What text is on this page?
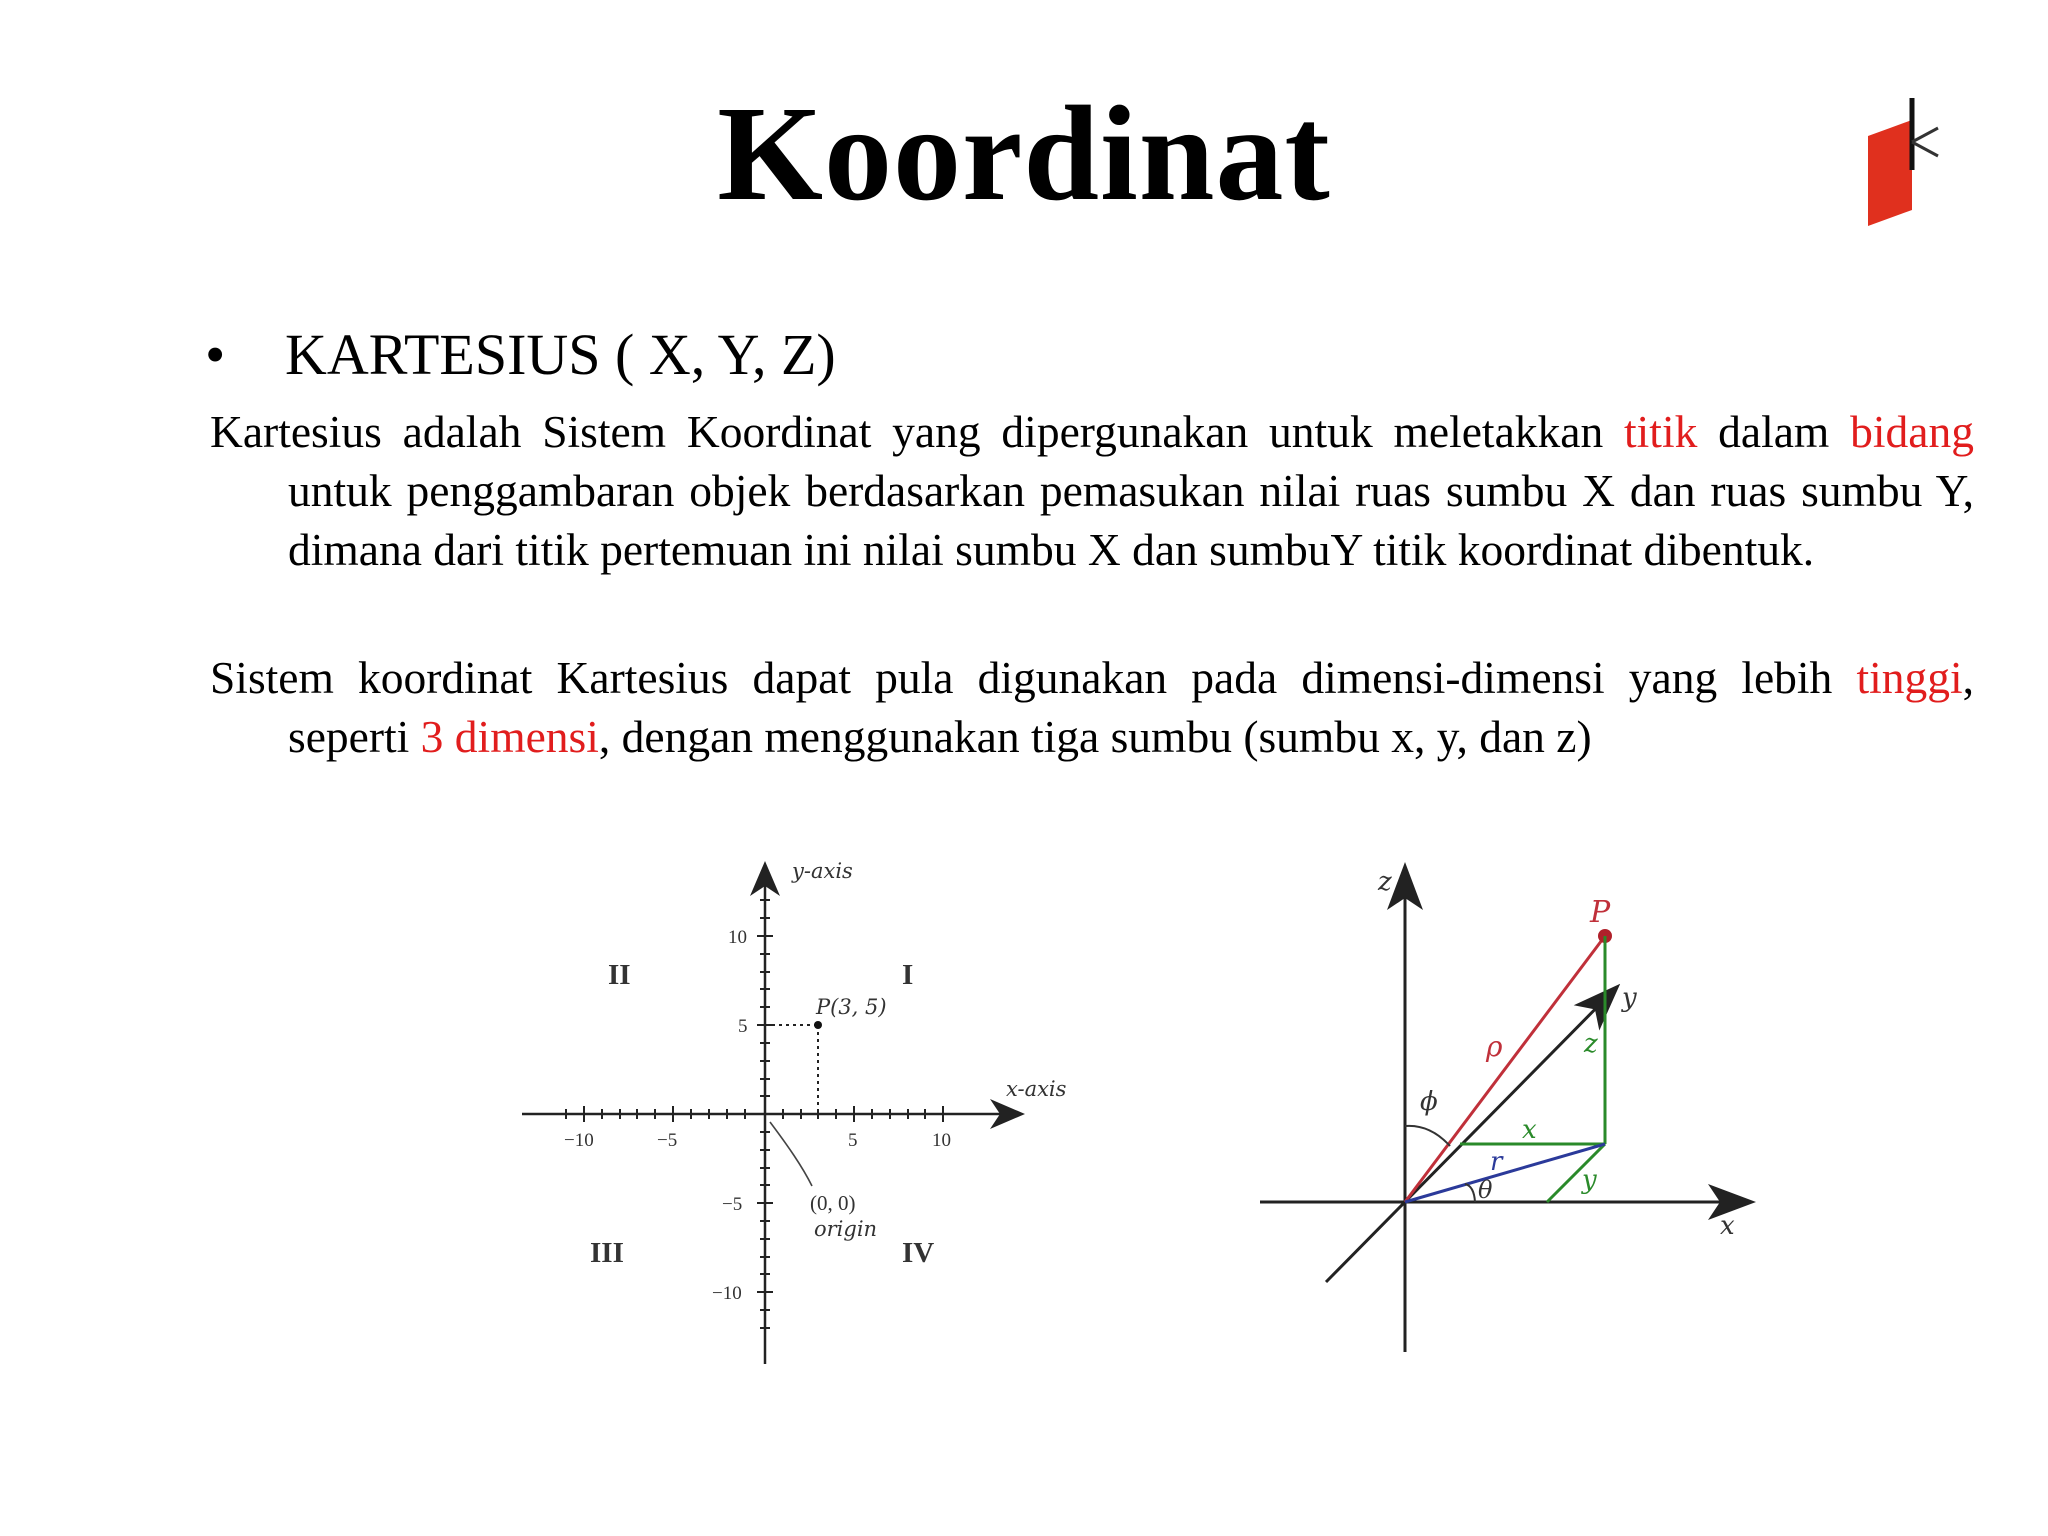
Koordinat
• KARTESIUS ( X, Y, Z)

Kartesius adalah Sistem Koordinat yang dipergunakan untuk meletakkan titik dalam bidang untuk penggambaran objek berdasarkan pemasukan nilai ruas sumbu X dan ruas sumbu Y, dimana dari titik pertemuan ini nilai sumbu X dan sumbuY titik koordinat dibentuk.

Sistem koordinat Kartesius dapat pula digunakan pada dimensi-dimensi yang lebih tinggi, seperti 3 dimensi, dengan menggunakan tiga sumbu (sumbu x, y, dan z)

y-axis
x-axis
I
II
III	IV
−10	−5	5	10
10
5
−5
−10
P(3, 5)
(0, 0)
origin
z
y
x
P
ρ
ϕ
r
θ
x
y
z
